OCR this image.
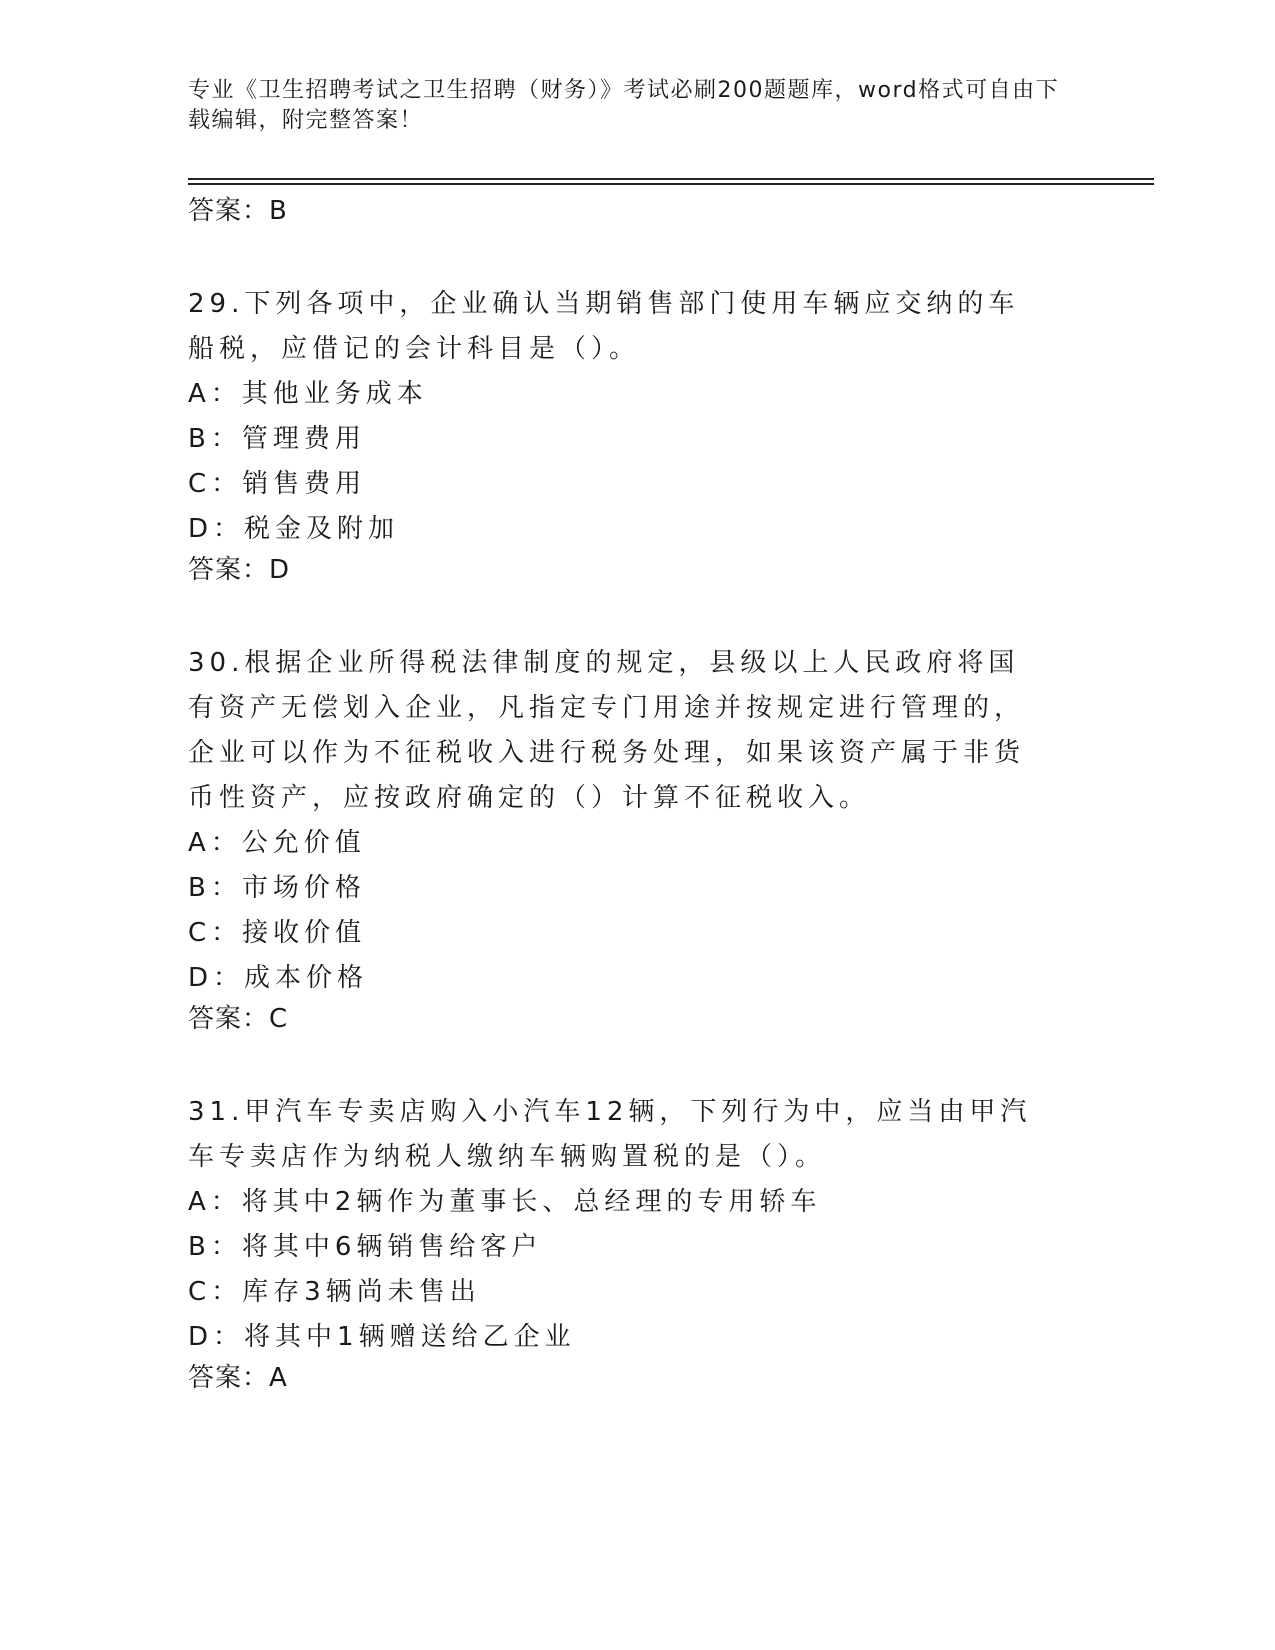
专业《卫生招聘考试之卫生招聘（财务）》考试必刷200题题库，word格式可自由下载编辑，附完整答案！
答案：B
29.下列各项中，企业确认当期销售部门使用车辆应交纳的车船税，应借记的会计科目是（）。
A：其他业务成本
B：管理费用
C：销售费用
D：税金及附加
答案：D
30.根据企业所得税法律制度的规定，县级以上人民政府将国有资产无偿划入企业，凡指定专门用途并按规定进行管理的，企业可以作为不征税收入进行税务处理，如果该资产属于非货币性资产，应按政府确定的（）计算不征税收入。
A：公允价值
B：市场价格
C：接收价值
D：成本价格
答案：C
31.甲汽车专卖店购入小汽车12辆，下列行为中，应当由甲汽车专卖店作为纳税人缴纳车辆购置税的是（）。
A：将其中2辆作为董事长、总经理的专用轿车
B：将其中6辆销售给客户
C：库存3辆尚未售出
D：将其中1辆赠送给乙企业
答案：A
